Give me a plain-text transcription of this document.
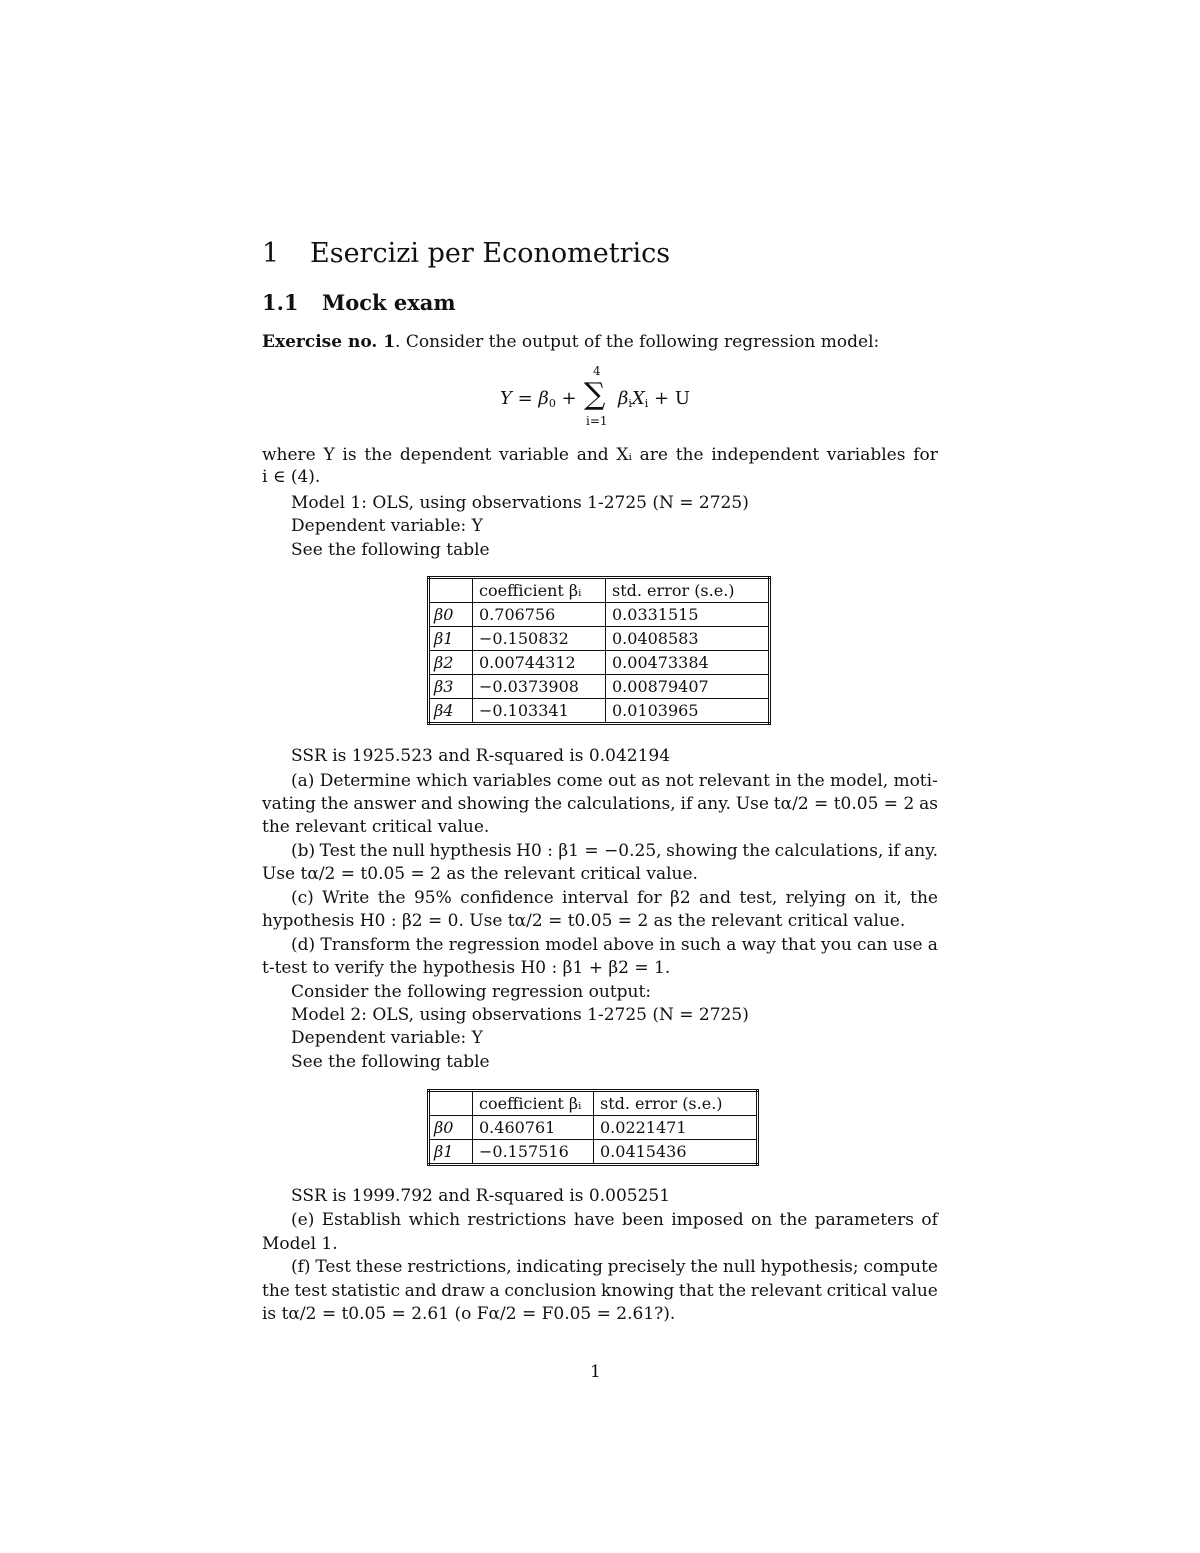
1 Esercizi per Econometrics
1.1 Mock exam
Exercise no. 1. Consider the output of the following regression model:
$Y = \beta_0$ +
4
∑
i=1
$\beta_iX_i + U$
where Y is the dependent variable and Xᵢ are the independent variables for
i ∈ (4).
Model 1: OLS, using observations 1-2725 (N = 2725)
Dependent variable: Y
See the following table
	coefficient βᵢ	std. error (s.e.)
β0	0.706756	0.0331515
β1	−0.150832	0.0408583
β2	0.00744312	0.00473384
β3	−0.0373908	0.00879407
β4	−0.103341	0.0103965
SSR is 1925.523 and R-squared is 0.042194
(a) Determine which variables come out as not relevant in the model, moti-
vating the answer and showing the calculations, if any. Use tα/2 = t0.05 = 2 as
the relevant critical value.
(b) Test the null hypthesis H0 : β1 = −0.25, showing the calculations, if any.
Use tα/2 = t0.05 = 2 as the relevant critical value.
(c) Write the 95% confidence interval for β2 and test, relying on it, the
hypothesis H0 : β2 = 0. Use tα/2 = t0.05 = 2 as the relevant critical value.
(d) Transform the regression model above in such a way that you can use a
t-test to verify the hypothesis H0 : β1 + β2 = 1.
Consider the following regression output:
Model 2: OLS, using observations 1-2725 (N = 2725)
Dependent variable: Y
See the following table
	coefficient βᵢ	std. error (s.e.)
β0	0.460761	0.0221471
β1	−0.157516	0.0415436
SSR is 1999.792 and R-squared is 0.005251
(e) Establish which restrictions have been imposed on the parameters of
Model 1.
(f) Test these restrictions, indicating precisely the null hypothesis; compute
the test statistic and draw a conclusion knowing that the relevant critical value
is tα/2 = t0.05 = 2.61 (o Fα/2 = F0.05 = 2.61?).
1
